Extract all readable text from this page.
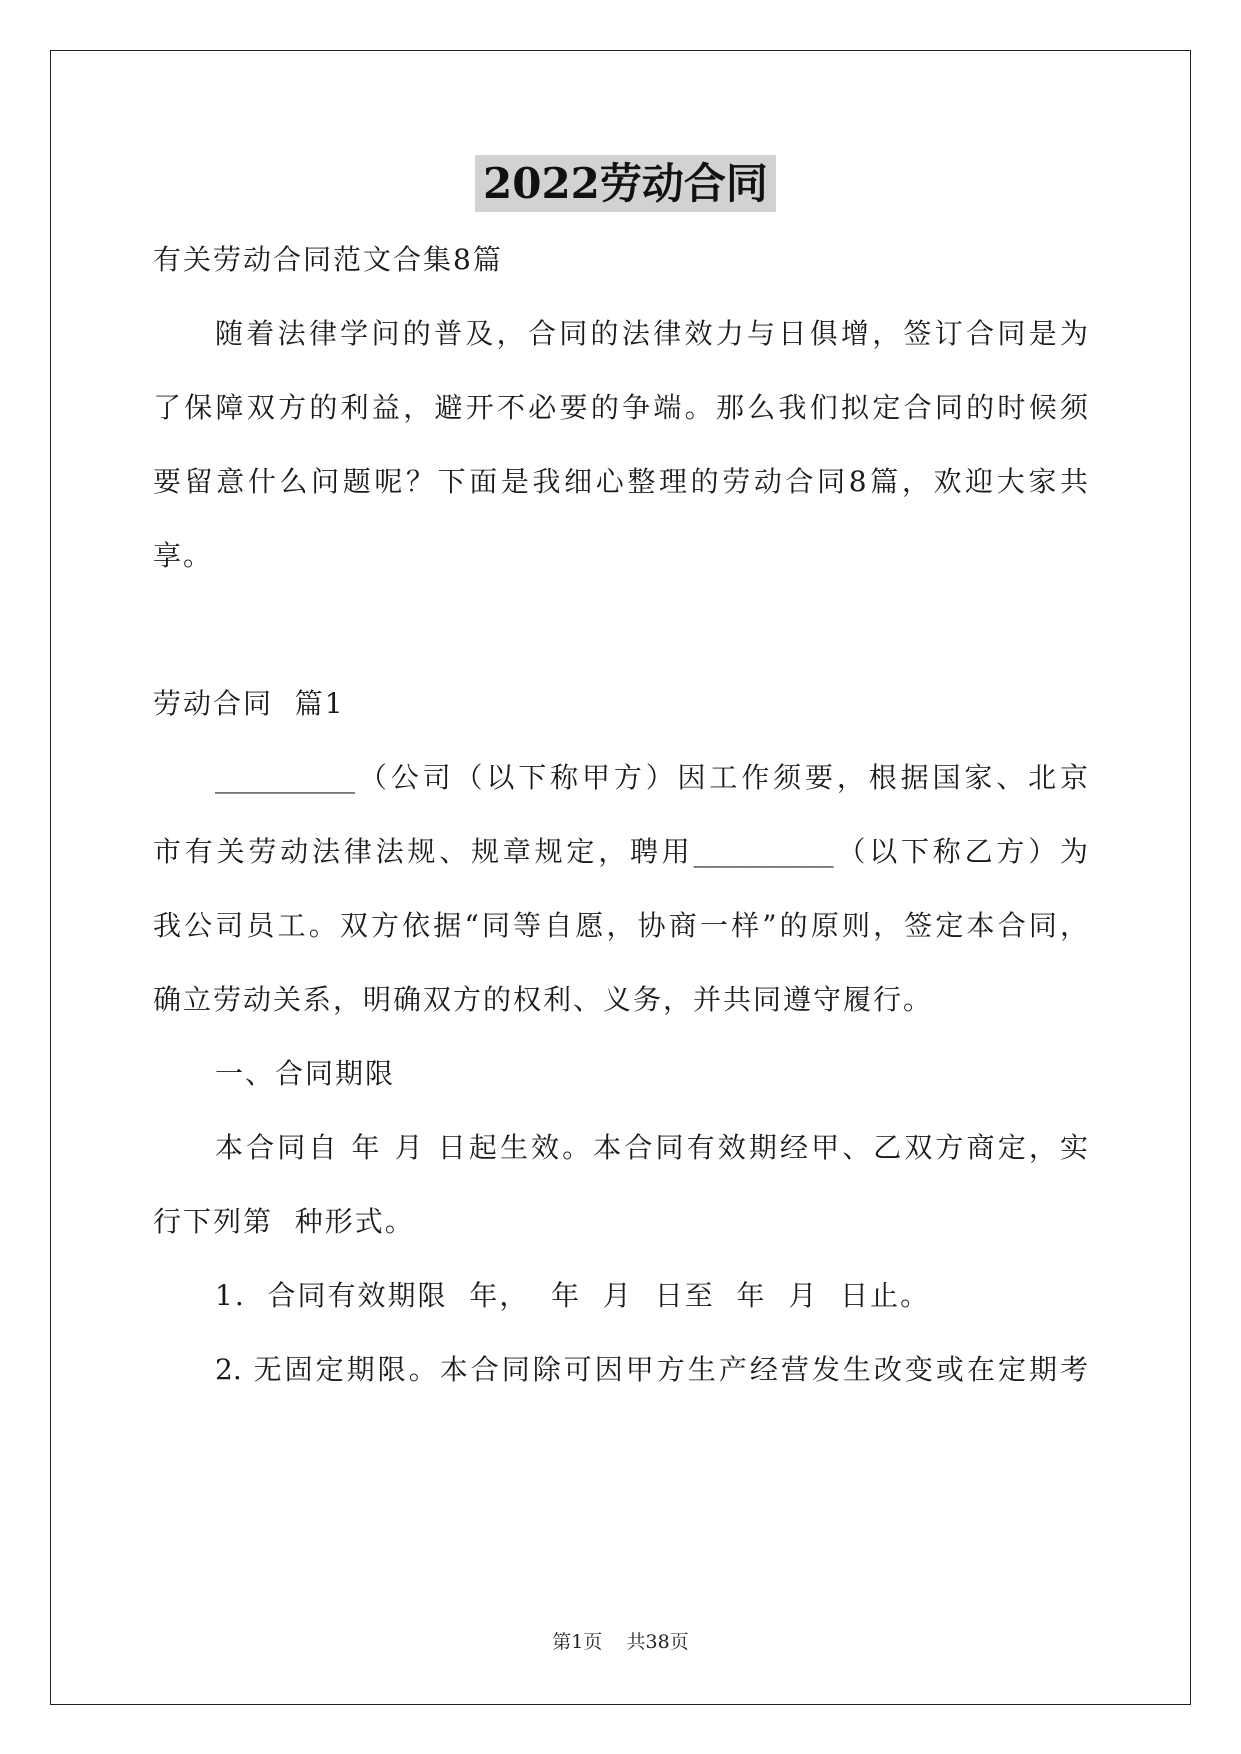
2022劳动合同
有关劳动合同范文合集8篇
随着法律学问的普及，合同的法律效力与日俱增，签订合同是为
了保障双方的利益，避开不必要的争端。那么我们拟定合同的时候须
要留意什么问题呢？下面是我细心整理的劳动合同8篇，欢迎大家共
享。
劳动合同  篇1
__________（公司（以下称甲方）因工作须要，根据国家、北京
市有关劳动法律法规、规章规定，聘用__________（以下称乙方）为
我公司员工。双方依据“同等自愿，协商一样”的原则，签定本合同，
确立劳动关系，明确双方的权利、义务，并共同遵守履行。
一、合同期限
本合同自 年 月 日起生效。本合同有效期经甲、乙双方商定，实
行下列第  种形式。
1.  合同有效期限  年，  年  月  日至  年  月  日止。
2. 无固定期限。本合同除可因甲方生产经营发生改变或在定期考
第1页    共38页
